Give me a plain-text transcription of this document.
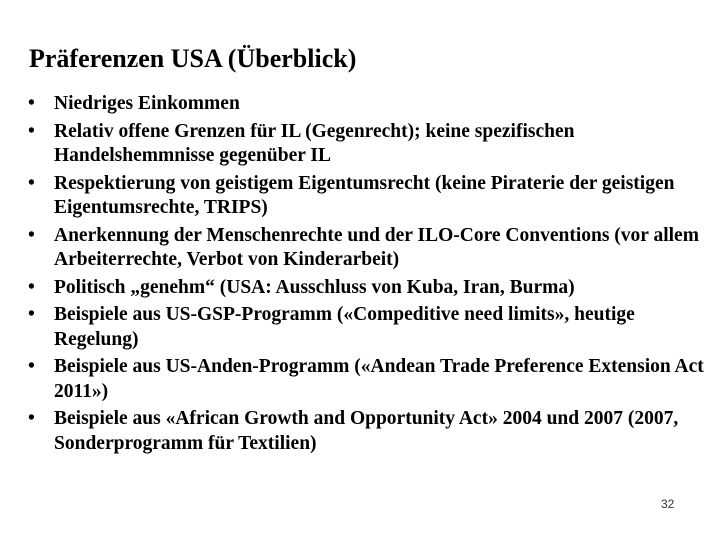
Präferenzen USA (Überblick)
• Niedriges Einkommen
• Relativ offene Grenzen für IL (Gegenrecht); keine spezifischen Handelshemmnisse gegenüber IL
• Respektierung von geistigem Eigentumsrecht (keine Piraterie der geistigen Eigentumsrechte, TRIPS)
• Anerkennung der Menschenrechte und der ILO-Core Conventions (vor allem Arbeiterrechte, Verbot von Kinderarbeit)
• Politisch „genehm“ (USA: Ausschluss von Kuba, Iran, Burma)
• Beispiele aus US-GSP-Programm («Compeditive need limits», heutige Regelung)
• Beispiele aus US-Anden-Programm («Andean Trade Preference Extension Act 2011»)
• Beispiele aus «African Growth and Opportunity Act» 2004 und 2007 (2007, Sonderprogramm für Textilien)
32
